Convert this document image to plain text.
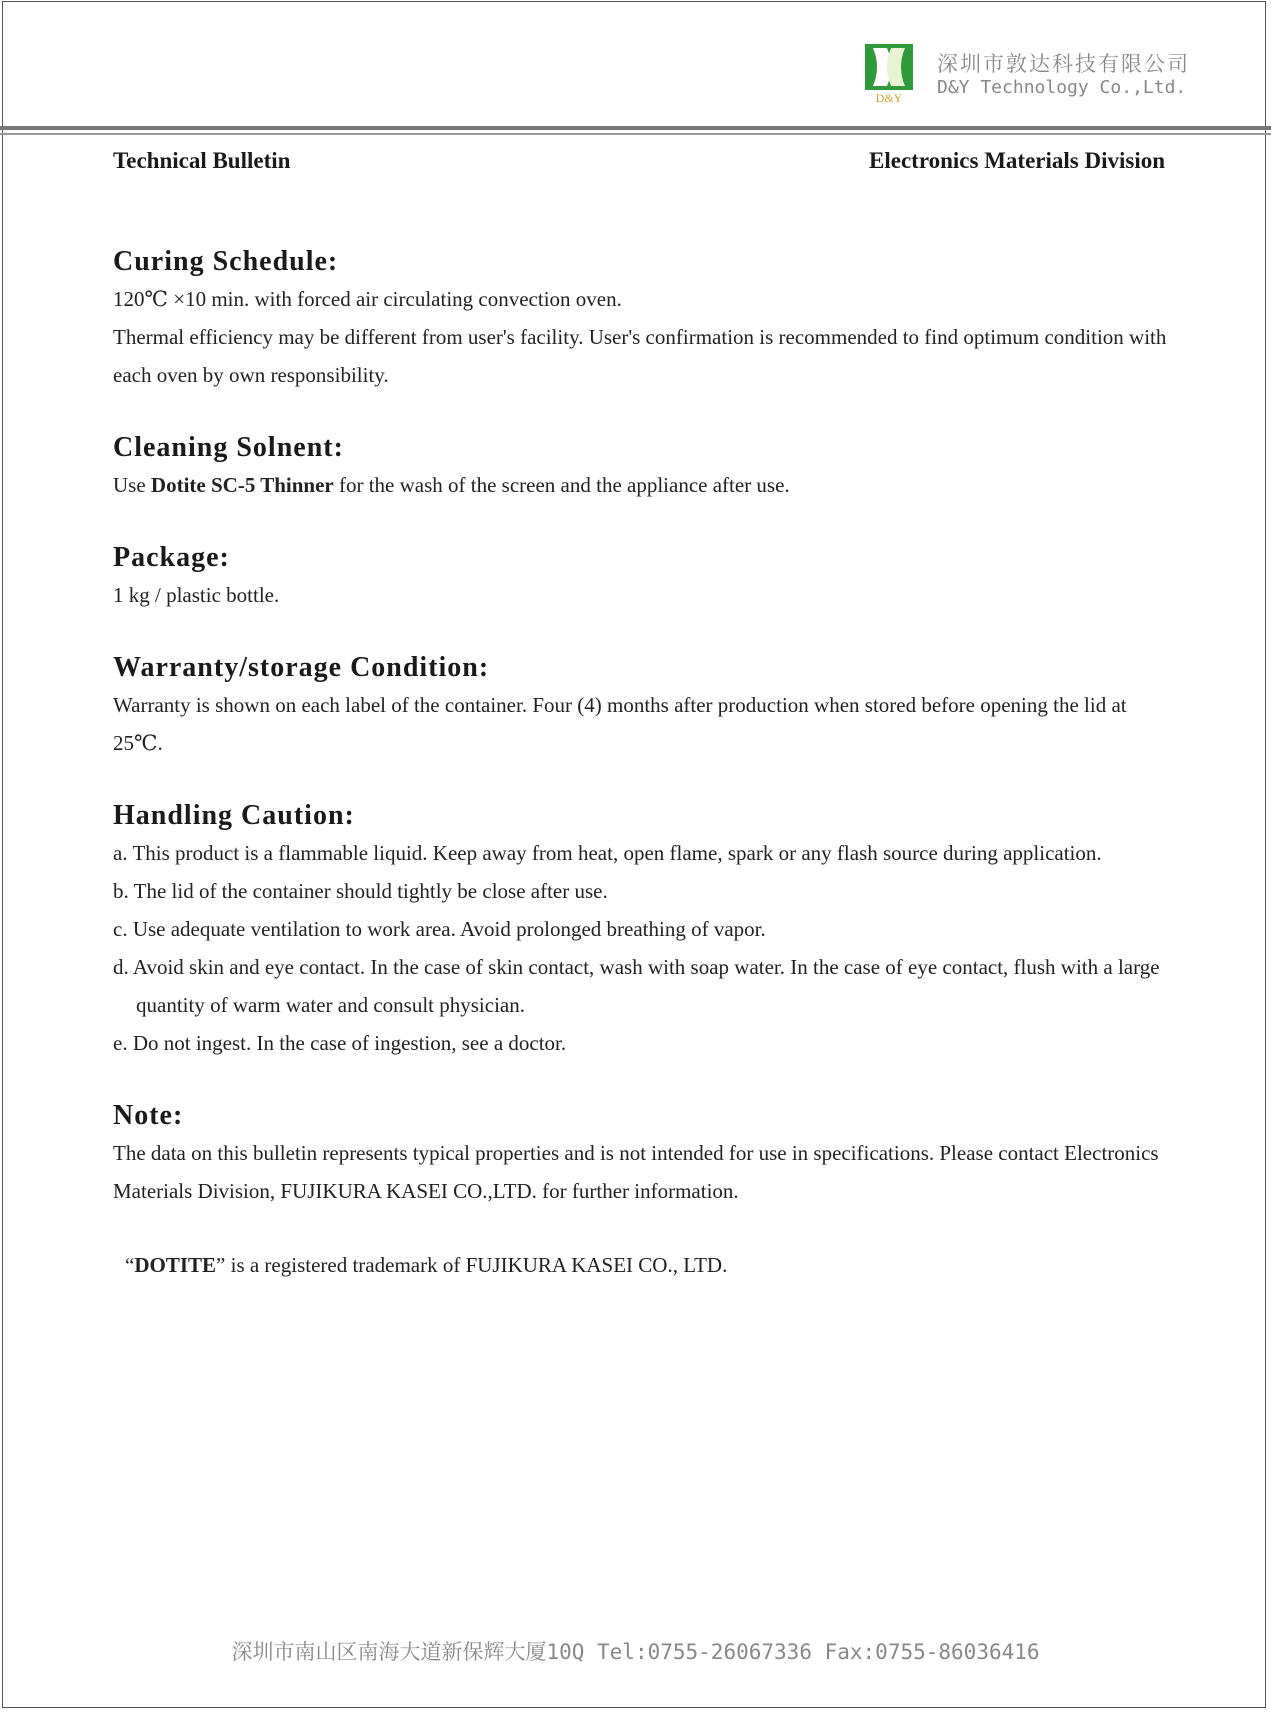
D&Y
深圳市敦达科技有限公司
D&Y Technology Co.,Ltd.
Technical Bulletin	Electronics Materials Division
Curing Schedule:

120℃ ×10 min. with forced air circulating convection oven.

Thermal efficiency may be different from user's facility. User's confirmation is recommended to find optimum condition with each oven by own responsibility.

Cleaning Solnent:

Use Dotite SC-5 Thinner for the wash of the screen and the appliance after use.

Package:

1 kg / plastic bottle.

Warranty/storage Condition:

Warranty is shown on each label of the container. Four (4) months after production when stored before opening the lid at 25℃.

Handling Caution:
a. This product is a flammable liquid. Keep away from heat, open flame, spark or any flash source during application.
b. The lid of the container should tightly be close after use.
c. Use adequate ventilation to work area. Avoid prolonged breathing of vapor.
d. Avoid skin and eye contact. In the case of skin contact, wash with soap water. In the case of eye contact, flush with a large quantity of warm water and consult physician.
e. Do not ingest. In the case of ingestion, see a doctor.
Note:

The data on this bulletin represents typical properties and is not intended for use in specifications. Please contact Electronics Materials Division, FUJIKURA KASEI CO.,LTD. for further information.

“DOTITE” is a registered trademark of FUJIKURA KASEI CO., LTD.

深圳市南山区南海大道新保辉大厦10Q Tel:0755-26067336 Fax:0755-86036416
